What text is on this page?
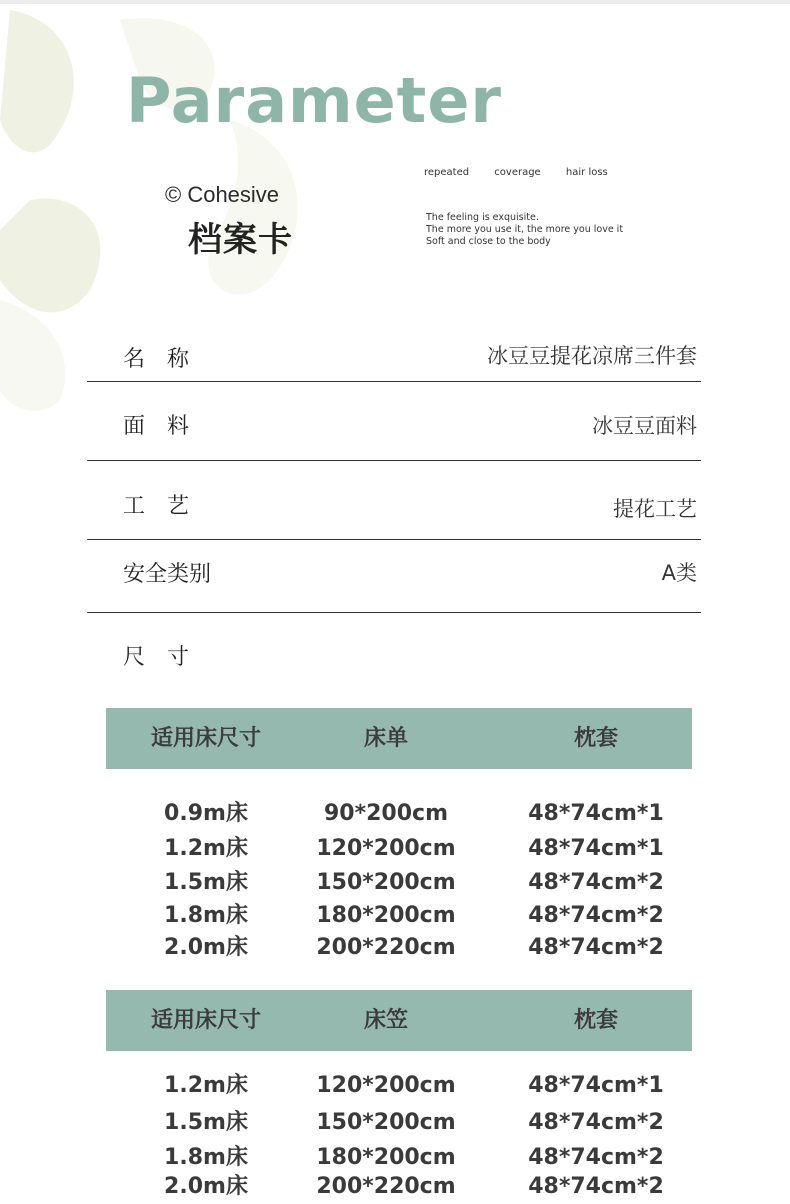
Parameter
© Cohesive
档案卡
repeated	coverage	hair loss
The feeling is exquisite.
The more you use it, the more you love it
Soft and close to the body
名　称	冰豆豆提花凉席三件套
面　料	冰豆豆面料
工　艺	提花工艺
安全类别	A类
尺　寸
适用床尺寸	床单	枕套
0.9m床	90*200cm	48*74cm*1
1.2m床	120*200cm	48*74cm*1
1.5m床	150*200cm	48*74cm*2
1.8m床	180*200cm	48*74cm*2
2.0m床	200*220cm	48*74cm*2
适用床尺寸	床笠	枕套
1.2m床	120*200cm	48*74cm*1
1.5m床	150*200cm	48*74cm*2
1.8m床	180*200cm	48*74cm*2
2.0m床	200*220cm	48*74cm*2
